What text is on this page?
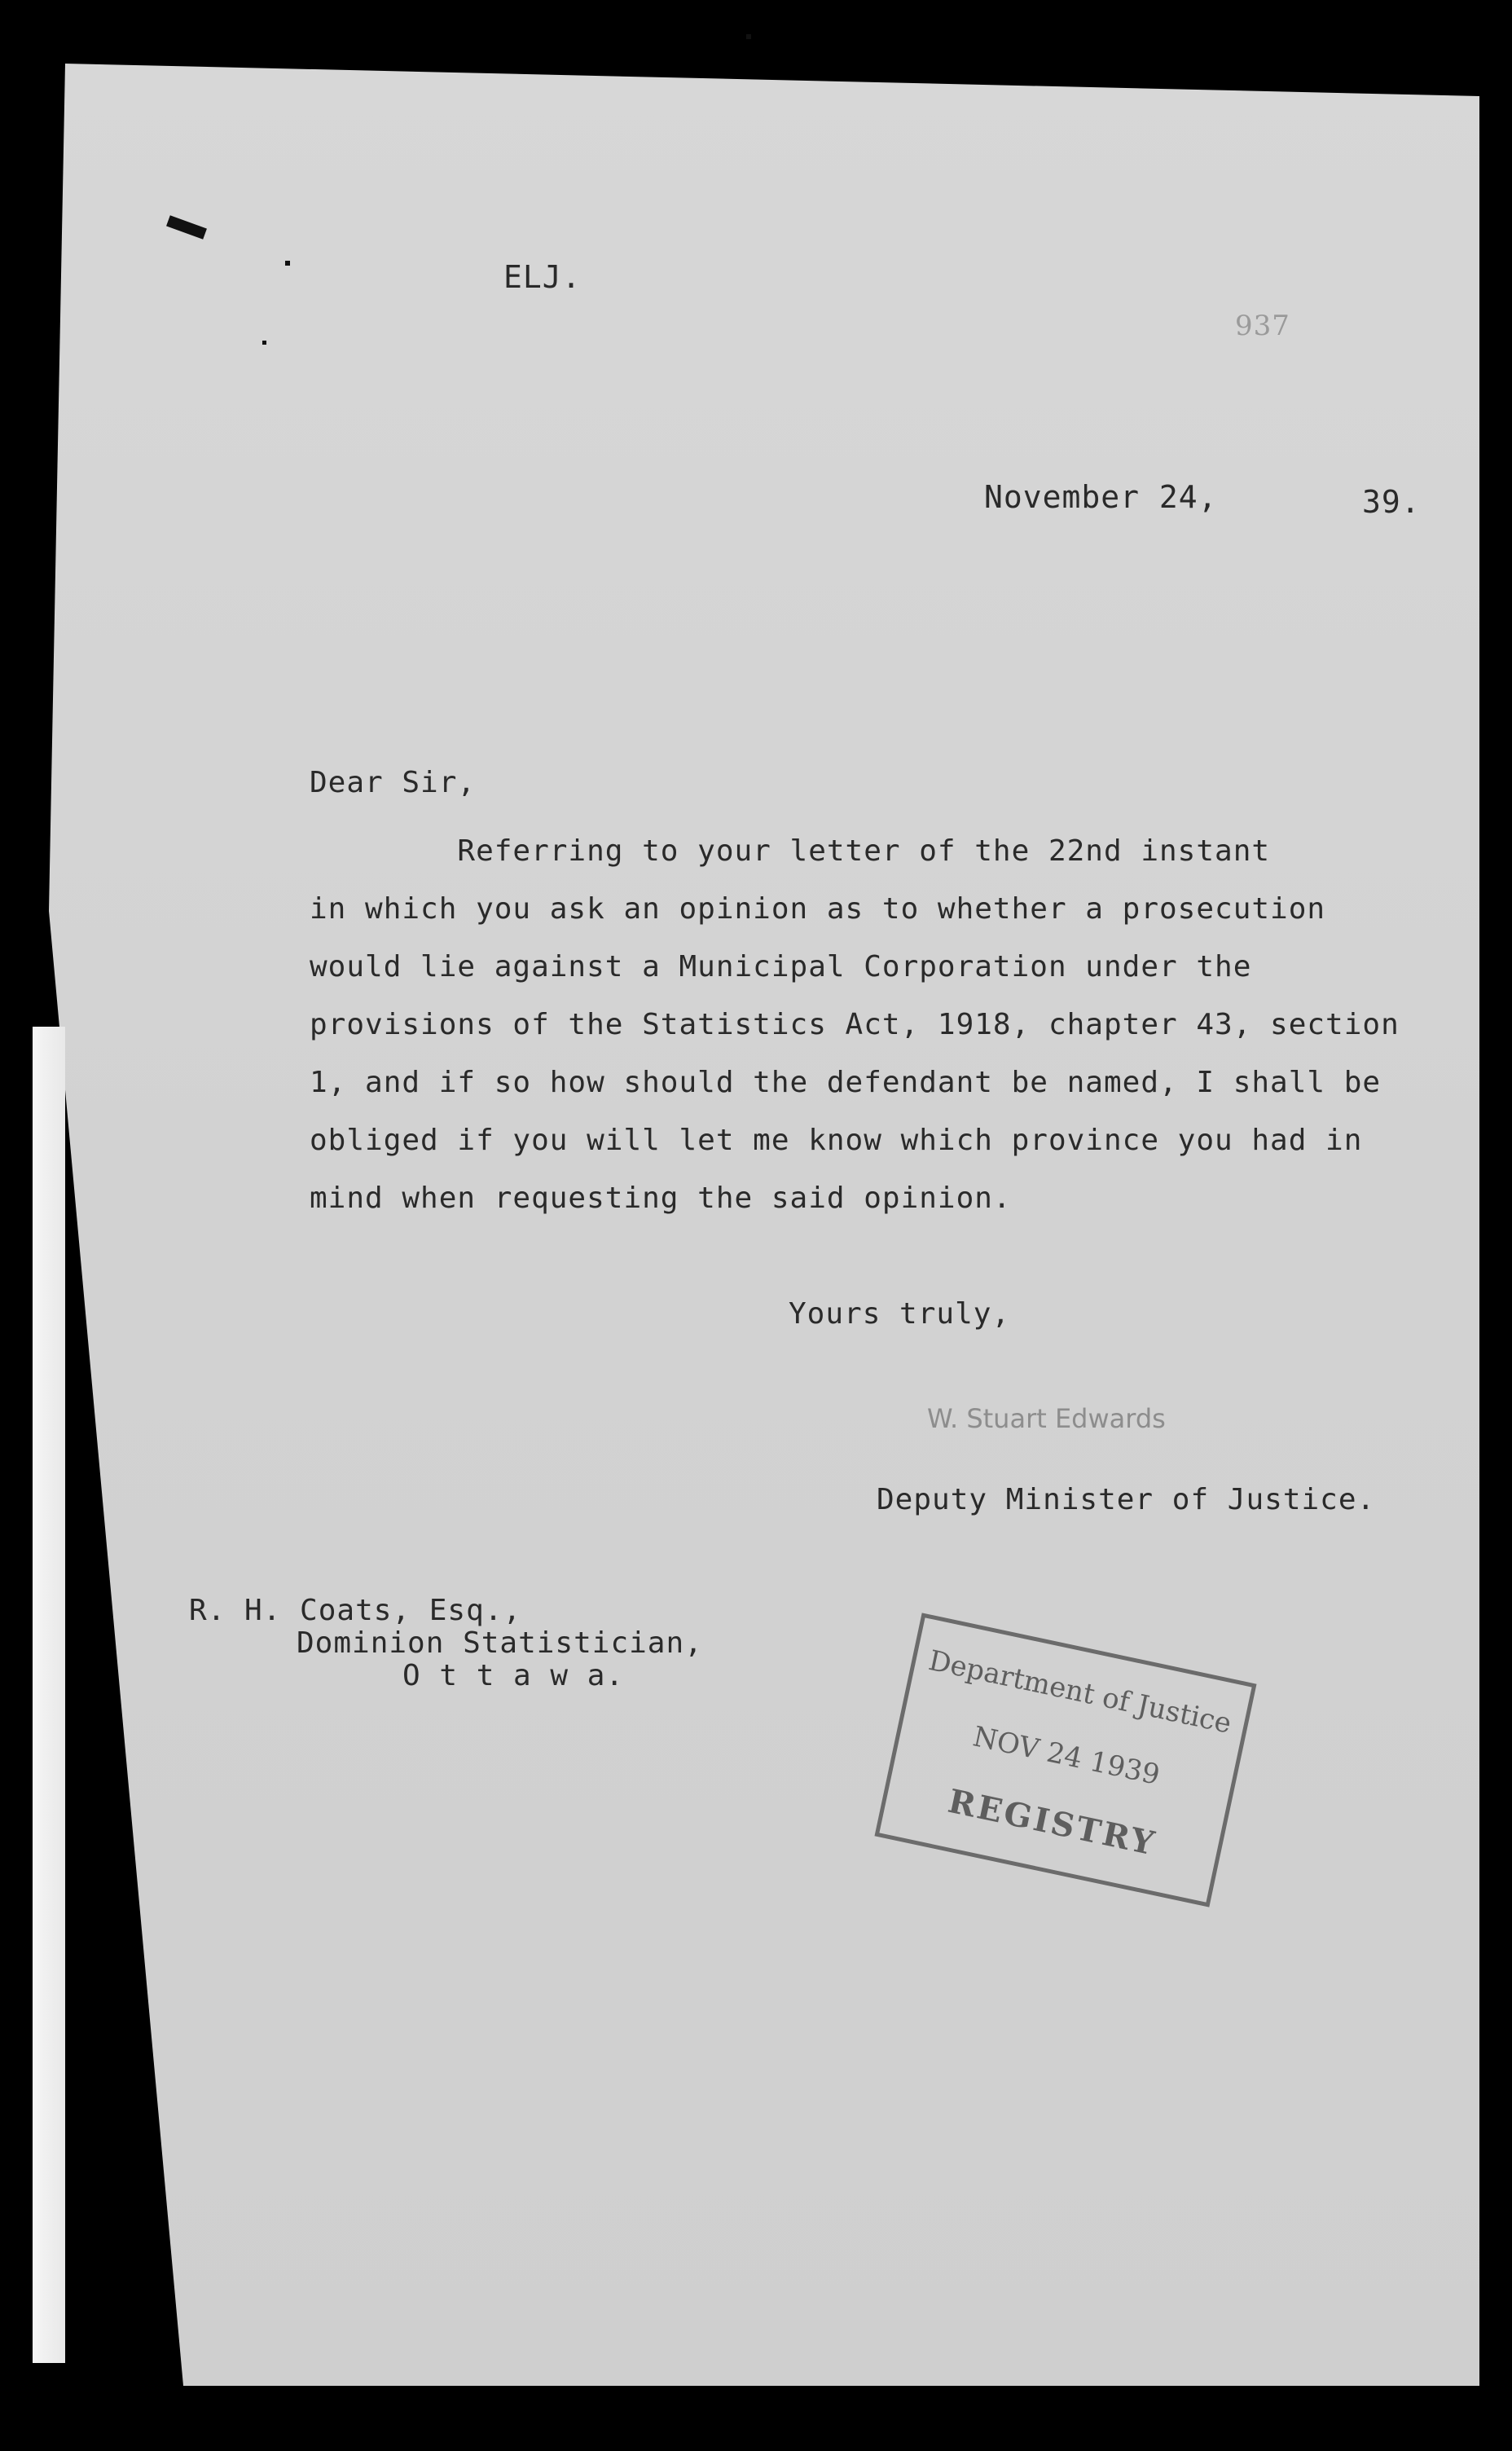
ELJ.
937
November 24,	39.
Dear Sir,
Referring to your letter of the 22nd instant
in which you ask an opinion as to whether a prosecution
would lie against a Municipal Corporation under the
provisions of the Statistics Act, 1918, chapter 43, section
1, and if so how should the defendant be named, I shall be
obliged if you will let me know which province you had in
mind when requesting the said opinion.
Yours truly,
W. Stuart Edwards
Deputy Minister of Justice.
R. H. Coats, Esq.,
Dominion Statistician,
O t t a w a.	Department of Justice
NOV 24 1939
REGISTRY
